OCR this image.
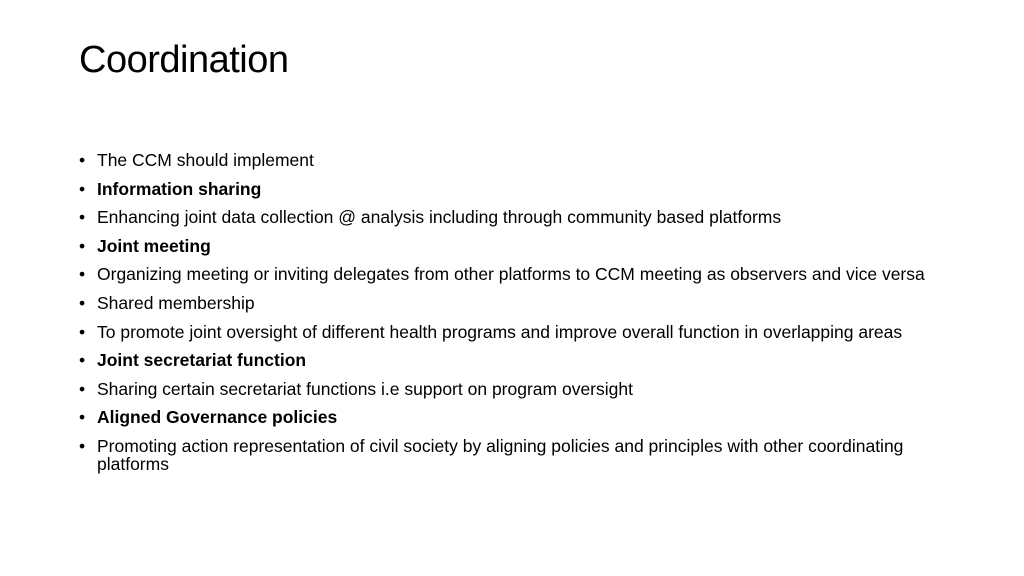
Coordination
• The CCM should implement
• Information sharing
• Enhancing joint data collection @ analysis including through community based platforms
• Joint meeting
• Organizing meeting or inviting delegates from other platforms to CCM meeting as observers and vice versa
• Shared membership
• To promote joint oversight of different health programs and improve overall function in overlapping areas
• Joint secretariat function
• Sharing certain secretariat functions i.e support on program oversight
• Aligned Governance policies
• Promoting action representation of civil society by aligning policies and principles with other coordinating platforms
